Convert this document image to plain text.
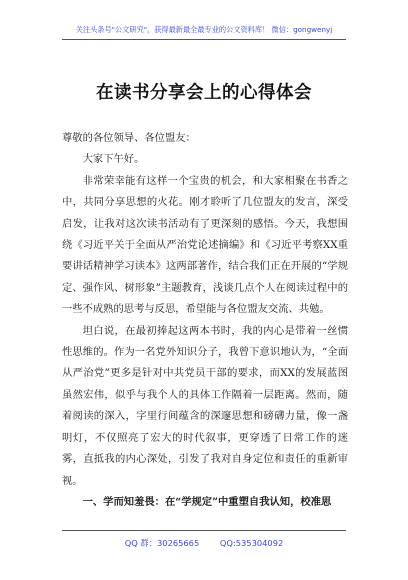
关注头条号"公文研究"，获得最新最全最专业的公文资料库！ 微信：gongwenyj
在读书分享会上的心得体会

尊敬的各位领导、各位盟友：

大家下午好。

非常荣幸能有这样一个宝贵的机会，和大家相聚在书香之中，共同分享思想的火花。刚才聆听了几位盟友的发言，深受启发，让我对这次读书活动有了更深刻的感悟。今天，我想围绕《习近平关于全面从严治党论述摘编》和《习近平考察XX重要讲话精神学习读本》这两部著作，结合我们正在开展的“学规定、强作风、树形象”主题教育，浅谈几点个人在阅读过程中的一些不成熟的思考与反思，希望能与各位盟友交流、共勉。

坦白说，在最初捧起这两本书时，我的内心是带着一丝惯性思维的。作为一名党外知识分子，我曾下意识地认为，“全面从严治党”更多是针对中共党员干部的要求，而XX的发展蓝图虽然宏伟，似乎与我个人的具体工作隔着一层距离。然而，随着阅读的深入，字里行间蕴含的深邃思想和磅礴力量，像一盏明灯，不仅照亮了宏大的时代叙事，更穿透了日常工作的迷雾，直抵我的内心深处，引发了我对自身定位和责任的重新审视。

一、学而知羞畏：在“学规定”中重塑自我认知，校准思

QQ 群：30265665 QQ:535304092
